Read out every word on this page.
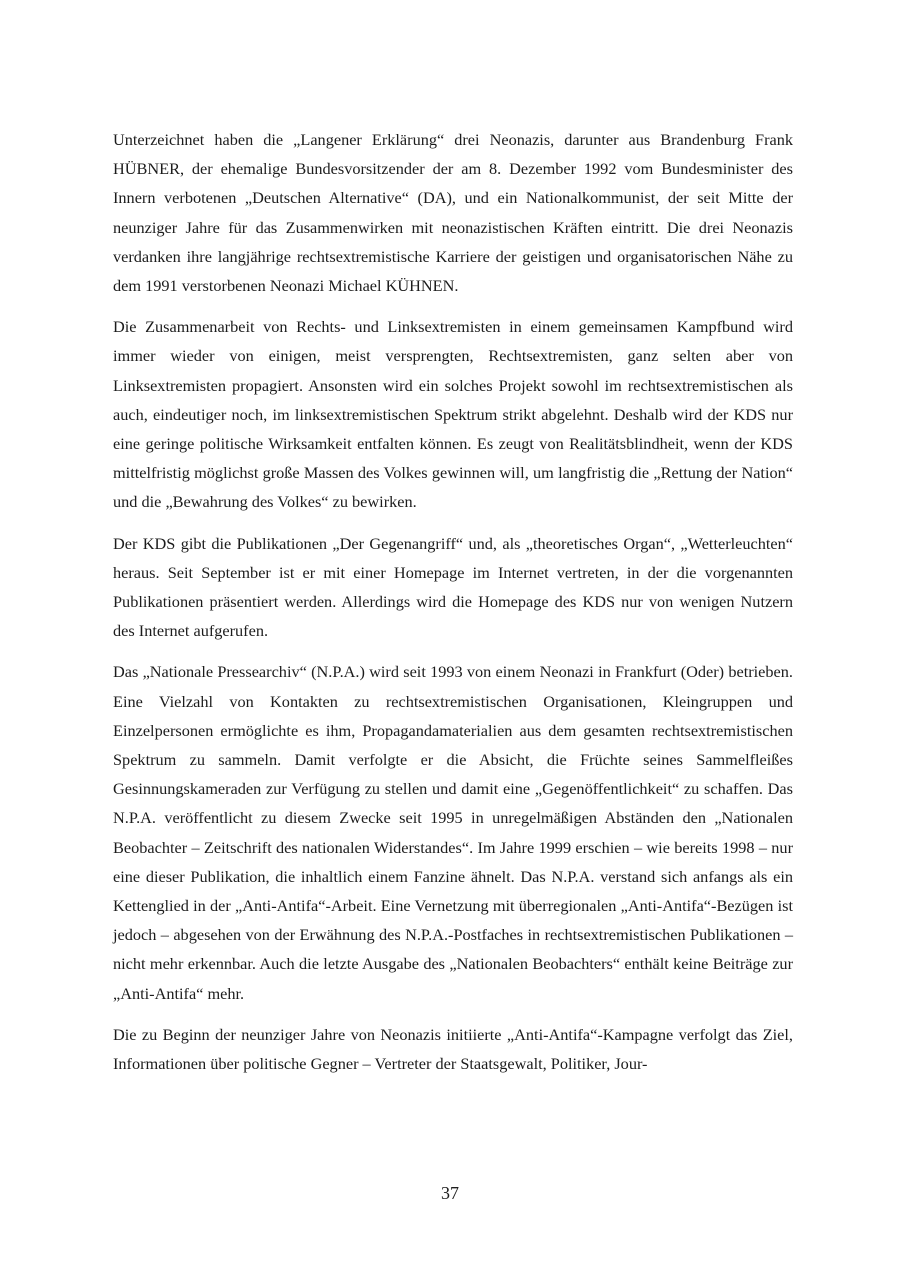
Unterzeichnet haben die „Langener Erklärung“ drei Neonazis, darunter aus Brandenburg Frank HÜBNER, der ehemalige Bundesvorsitzender der am 8. Dezember 1992 vom Bundesminister des Innern verbotenen „Deutschen Alternative“ (DA), und ein Nationalkommunist, der seit Mitte der neunziger Jahre für das Zusammenwirken mit neonazistischen Kräften eintritt. Die drei Neonazis verdanken ihre langjährige rechtsextremistische Karriere der geistigen und organisatorischen Nähe zu dem 1991 verstorbenen Neonazi Michael KÜHNEN.

Die Zusammenarbeit von Rechts- und Linksextremisten in einem gemeinsamen Kampfbund wird immer wieder von einigen, meist versprengten, Rechtsextremisten, ganz selten aber von Linksextremisten propagiert. Ansonsten wird ein solches Projekt sowohl im rechtsextremistischen als auch, eindeutiger noch, im linksextremistischen Spektrum strikt abgelehnt. Deshalb wird der KDS nur eine geringe politische Wirksamkeit entfalten können. Es zeugt von Realitätsblindheit, wenn der KDS mittelfristig möglichst große Massen des Volkes gewinnen will, um langfristig die „Rettung der Nation“ und die „Bewahrung des Volkes“ zu bewirken.

Der KDS gibt die Publikationen „Der Gegenangriff“ und, als „theoretisches Organ“, „Wetterleuchten“ heraus. Seit September ist er mit einer Homepage im Internet vertreten, in der die vorgenannten Publikationen präsentiert werden. Allerdings wird die Homepage des KDS nur von wenigen Nutzern des Internet aufgerufen.

Das „Nationale Pressearchiv“ (N.P.A.) wird seit 1993 von einem Neonazi in Frankfurt (Oder) betrieben. Eine Vielzahl von Kontakten zu rechtsextremistischen Organisationen, Kleingruppen und Einzelpersonen ermöglichte es ihm, Propagandamaterialien aus dem gesamten rechtsextremistischen Spektrum zu sammeln. Damit verfolgte er die Absicht, die Früchte seines Sammelfleißes Gesinnungskameraden zur Verfügung zu stellen und damit eine „Gegenöffentlichkeit“ zu schaffen. Das N.P.A. veröffentlicht zu diesem Zwecke seit 1995 in unregelmäßigen Abständen den „Nationalen Beobachter – Zeitschrift des nationalen Widerstandes“. Im Jahre 1999 erschien – wie bereits 1998 – nur eine dieser Publikation, die inhaltlich einem Fanzine ähnelt. Das N.P.A. verstand sich anfangs als ein Kettenglied in der „Anti-Antifa“-Arbeit. Eine Vernetzung mit überregionalen „Anti-Antifa“-Bezügen ist jedoch – abgesehen von der Erwähnung des N.P.A.-Postfaches in rechtsextremistischen Publikationen – nicht mehr erkennbar. Auch die letzte Ausgabe des „Nationalen Beobachters“ enthält keine Beiträge zur „Anti-Antifa“ mehr.

Die zu Beginn der neunziger Jahre von Neonazis initiierte „Anti-Antifa“-Kampagne verfolgt das Ziel, Informationen über politische Gegner – Vertreter der Staatsgewalt, Politiker, Jour-

37
